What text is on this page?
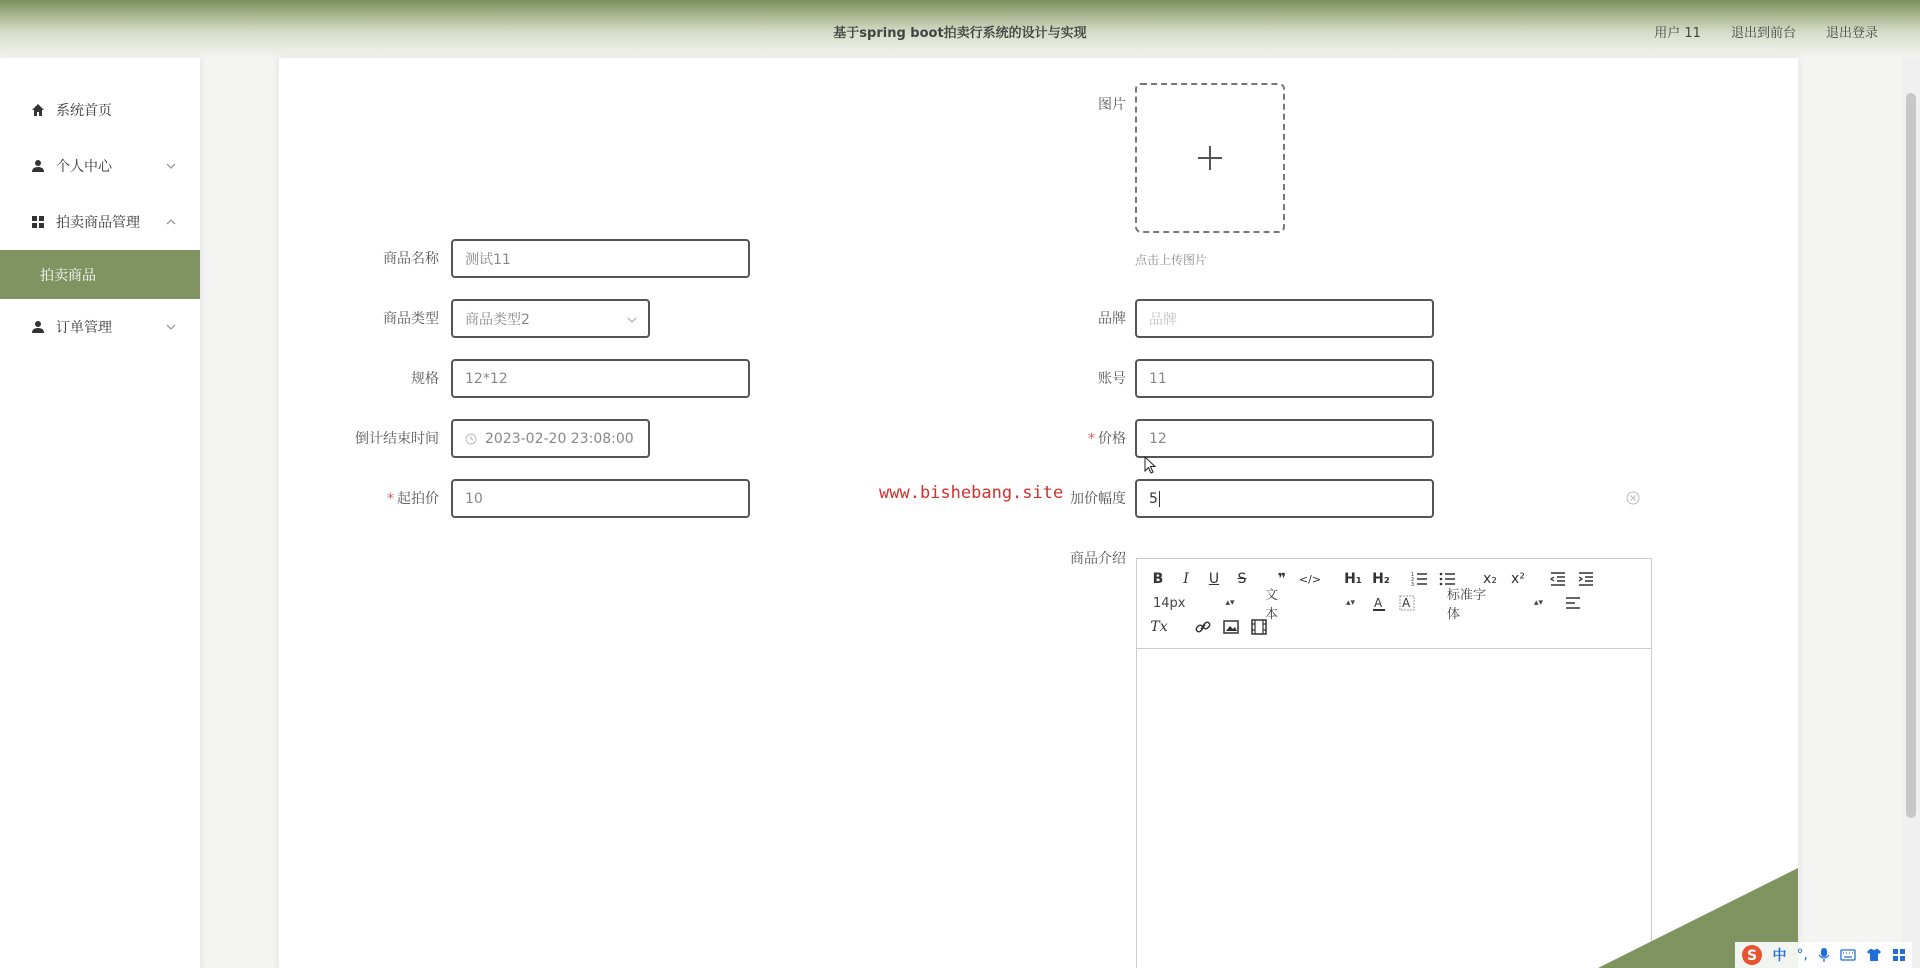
基于spring boot拍卖行系统的设计与实现	用户 11 退出到前台 退出登录
系统首页
个人中心
拍卖商品管理
拍卖商品
订单管理
图片
点击上传图片
商品名称	测试11
商品类型 商品类型2
规格	12*12
倒计结束时间	2023-02-20 23:08:00
* 起拍价	10	www.bishebang.site
品牌	品牌
账号	11
* 价格	12
加价幅度 5
商品介绍
B	I	U	S	❞	</> H₁ H₂	1
2
3	x₂ x²
14px	▴▾ 文本
▴▾ A A	标准字体
▴▾
Tx
S 中 °,
